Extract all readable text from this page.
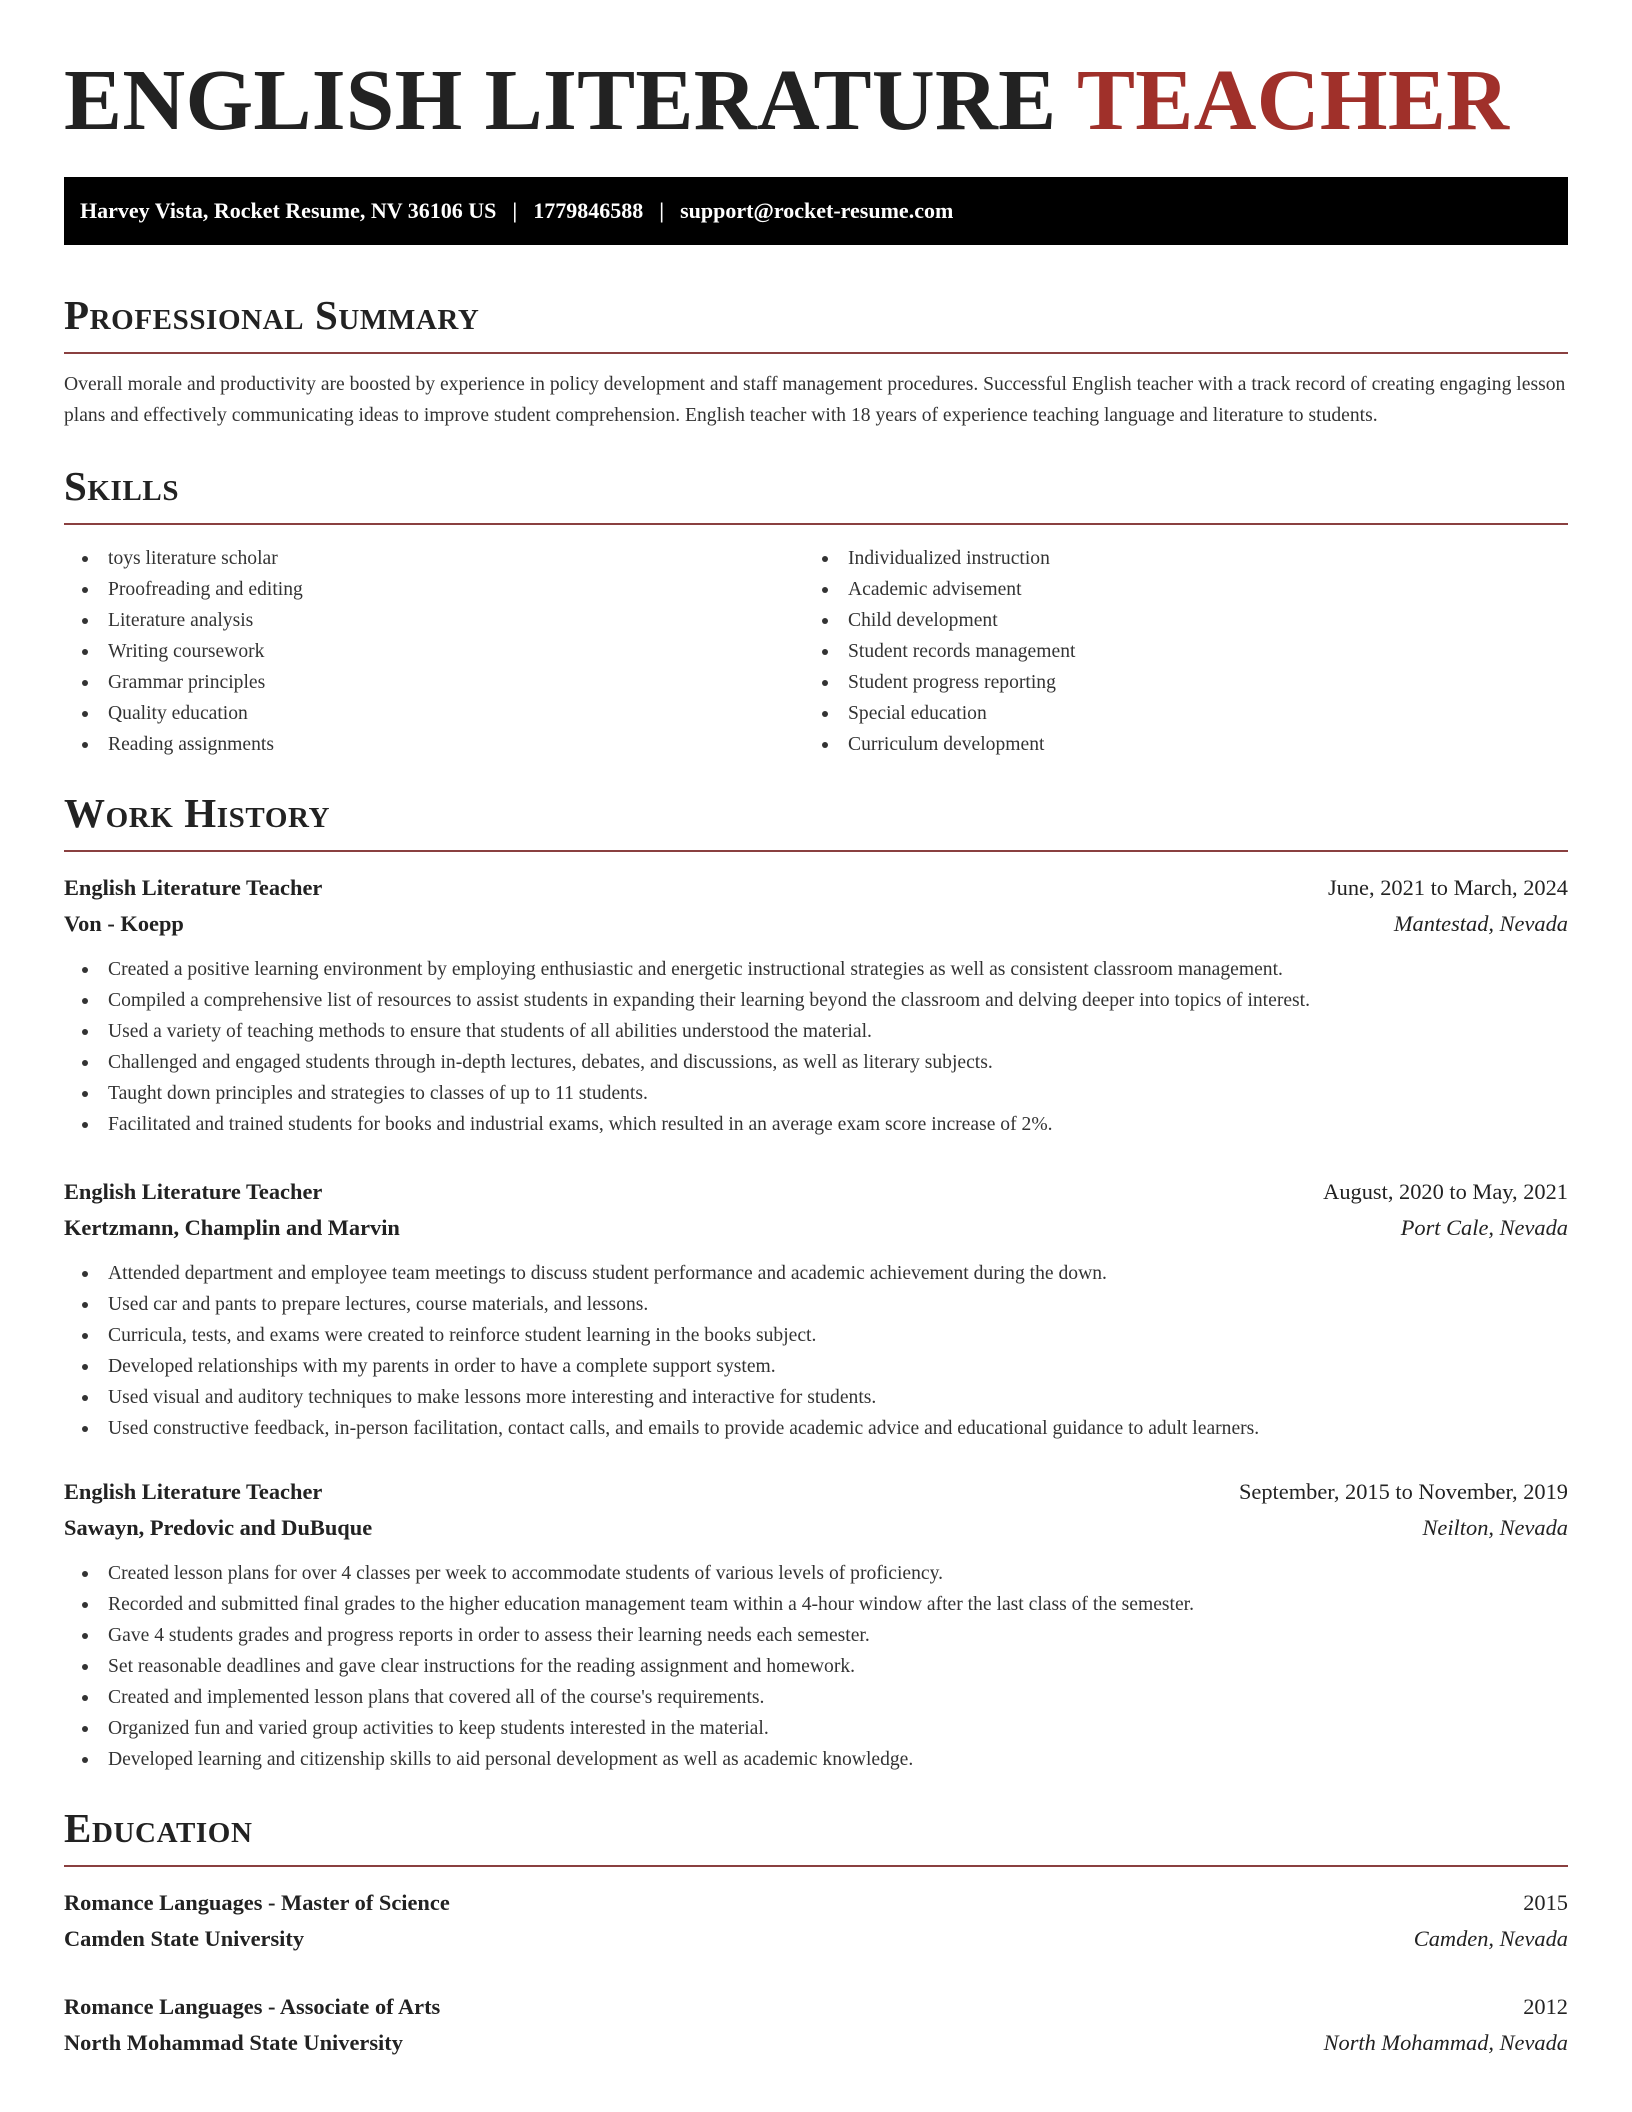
ENGLISH LITERATURE TEACHER
Harvey Vista, Rocket Resume, NV 36106 US | 1779846588 | support@rocket-resume.com
Professional Summary

Overall morale and productivity are boosted by experience in policy development and staff management procedures. Successful English teacher with a track record of creating engaging lesson plans and effectively communicating ideas to improve student comprehension. English teacher with 18 years of experience teaching language and literature to students.

Skills
toys literature scholar
Proofreading and editing
Literature analysis
Writing coursework
Grammar principles
Quality education
Reading assignments
Individualized instruction
Academic advisement
Child development
Student records management
Student progress reporting
Special education
Curriculum development
Work History
English Literature Teacher	June, 2021 to March, 2024
Von - Koepp	Mantestad, Nevada
Created a positive learning environment by employing enthusiastic and energetic instructional strategies as well as consistent classroom management.
Compiled a comprehensive list of resources to assist students in expanding their learning beyond the classroom and delving deeper into topics of interest.
Used a variety of teaching methods to ensure that students of all abilities understood the material.
Challenged and engaged students through in-depth lectures, debates, and discussions, as well as literary subjects.
Taught down principles and strategies to classes of up to 11 students.
Facilitated and trained students for books and industrial exams, which resulted in an average exam score increase of 2%.
English Literature Teacher	August, 2020 to May, 2021
Kertzmann, Champlin and Marvin	Port Cale, Nevada
Attended department and employee team meetings to discuss student performance and academic achievement during the down.
Used car and pants to prepare lectures, course materials, and lessons.
Curricula, tests, and exams were created to reinforce student learning in the books subject.
Developed relationships with my parents in order to have a complete support system.
Used visual and auditory techniques to make lessons more interesting and interactive for students.
Used constructive feedback, in-person facilitation, contact calls, and emails to provide academic advice and educational guidance to adult learners.
English Literature Teacher	September, 2015 to November, 2019
Sawayn, Predovic and DuBuque	Neilton, Nevada
Created lesson plans for over 4 classes per week to accommodate students of various levels of proficiency.
Recorded and submitted final grades to the higher education management team within a 4-hour window after the last class of the semester.
Gave 4 students grades and progress reports in order to assess their learning needs each semester.
Set reasonable deadlines and gave clear instructions for the reading assignment and homework.
Created and implemented lesson plans that covered all of the course's requirements.
Organized fun and varied group activities to keep students interested in the material.
Developed learning and citizenship skills to aid personal development as well as academic knowledge.
Education
Romance Languages - Master of Science	2015
Camden State University	Camden, Nevada
Romance Languages - Associate of Arts	2012
North Mohammad State University	North Mohammad, Nevada
